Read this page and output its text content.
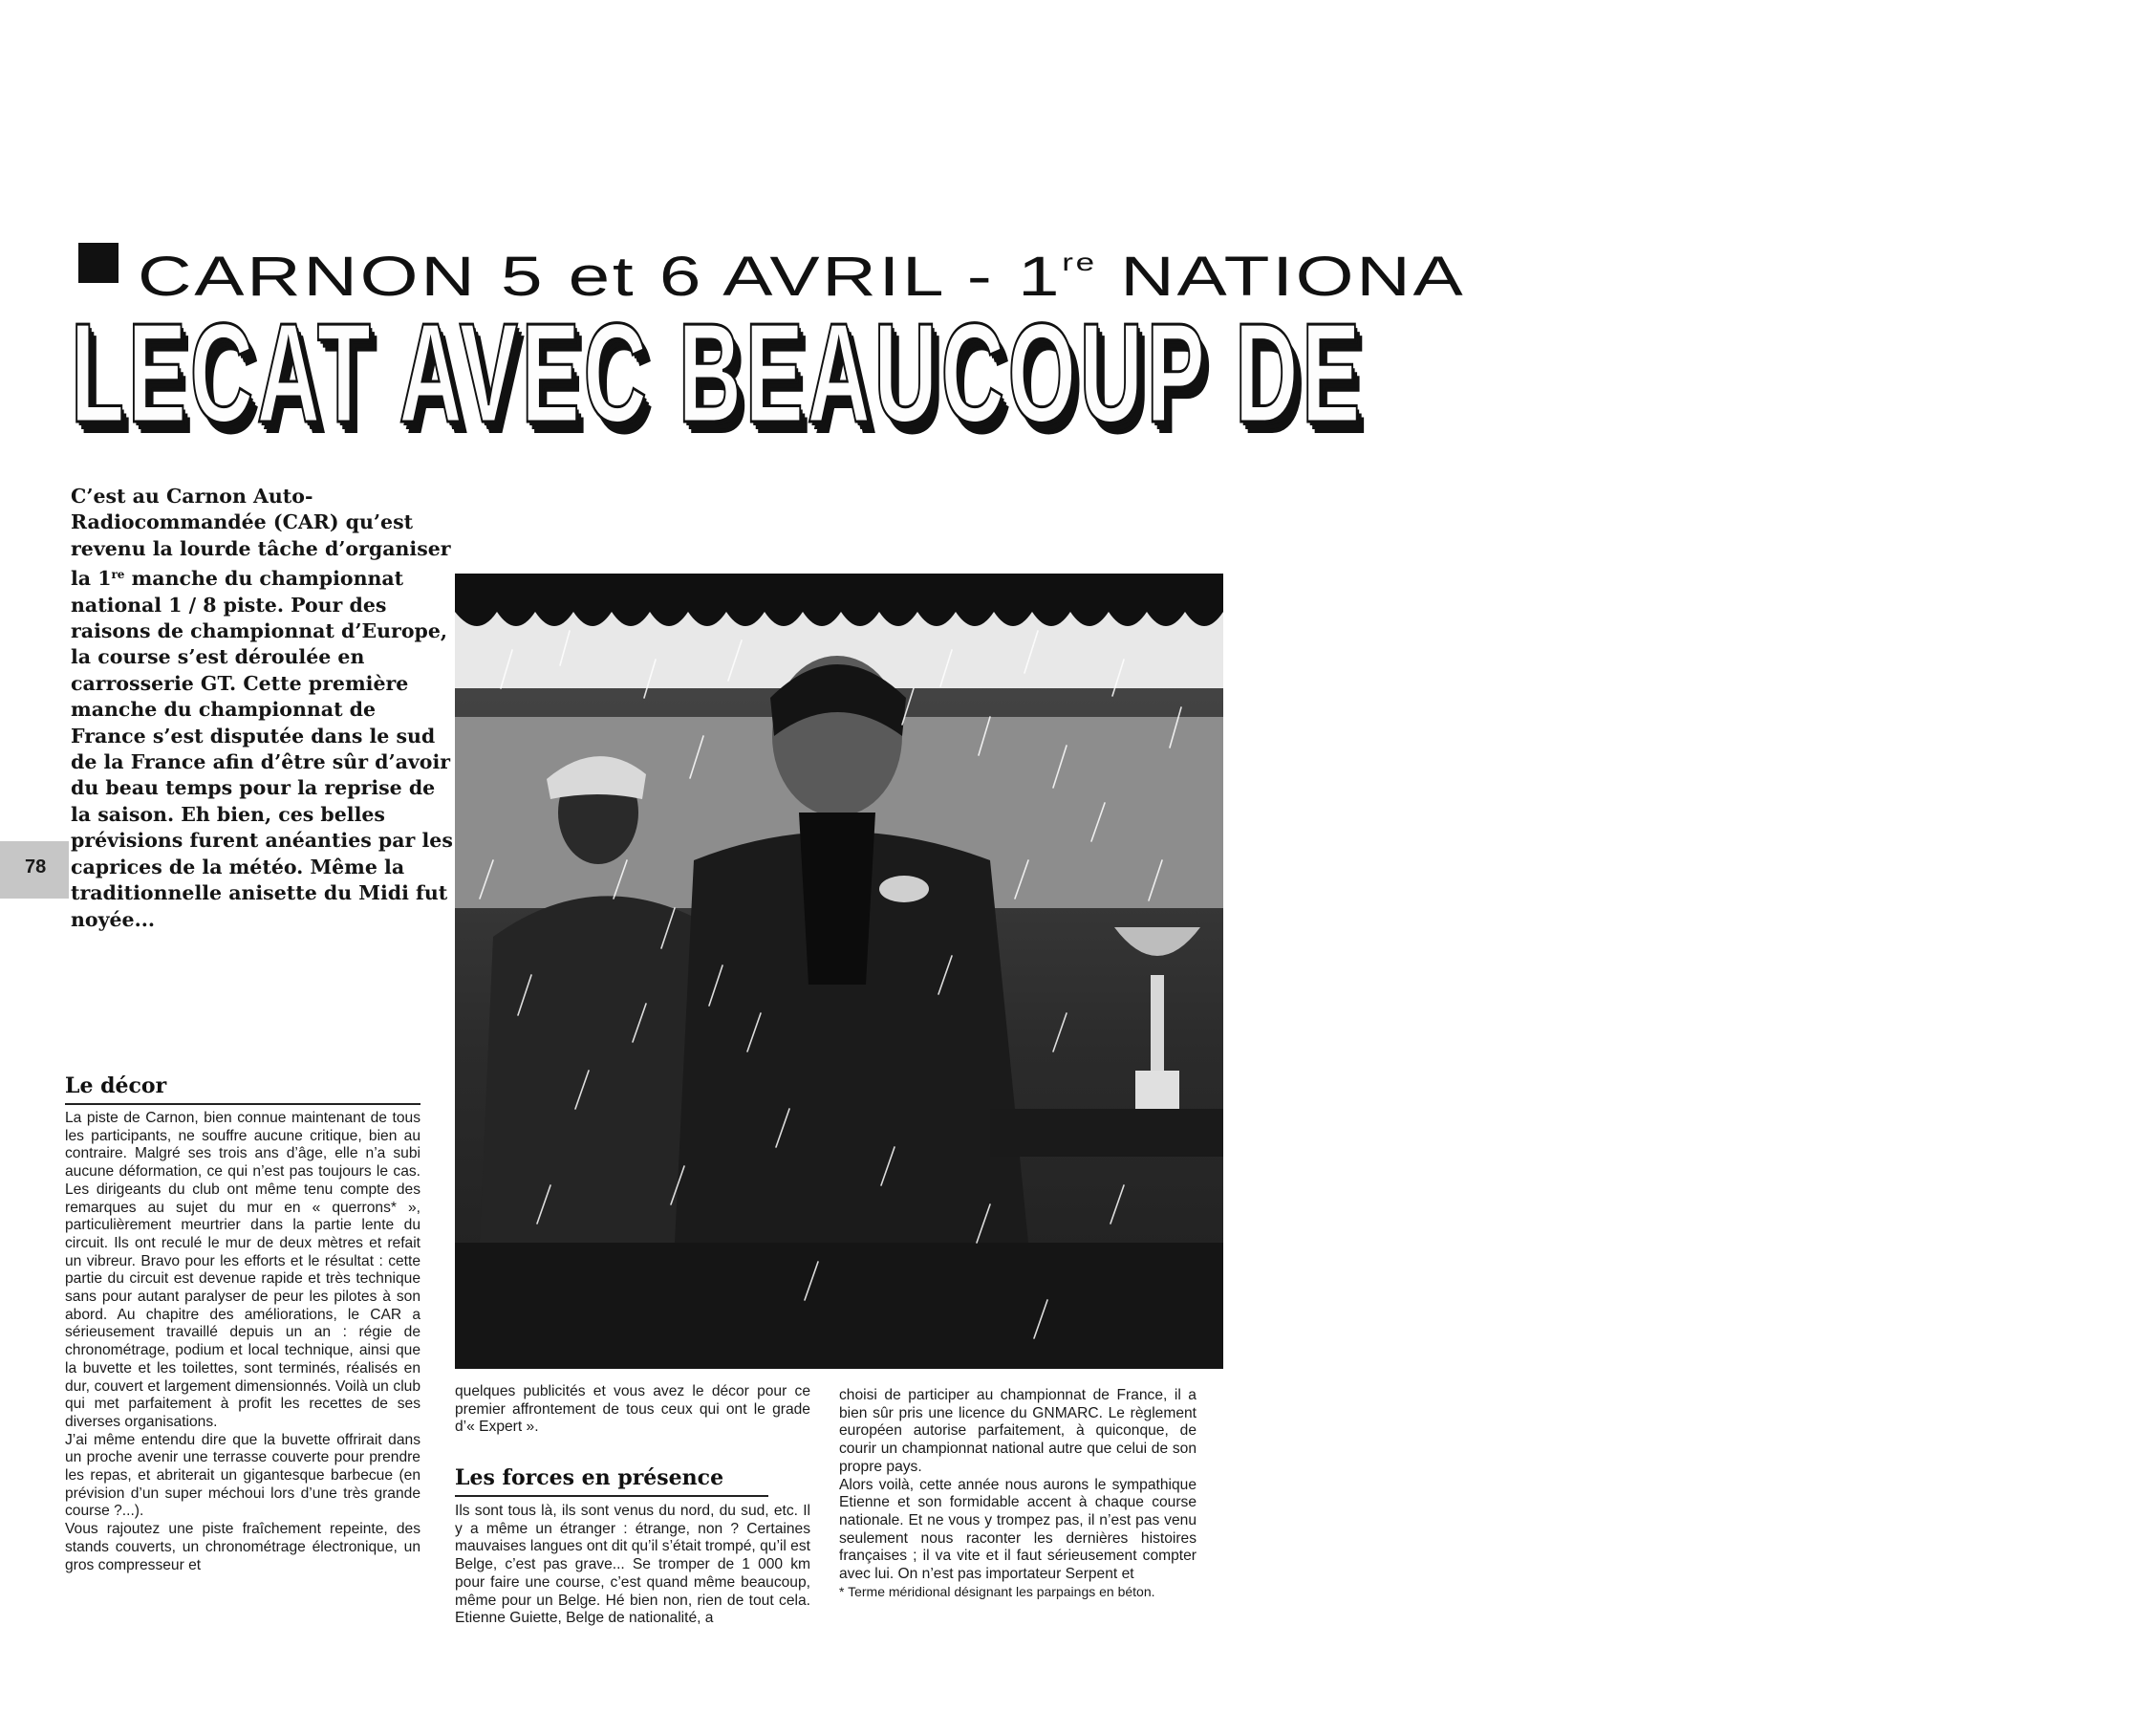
CARNON 5 et 6 AVRIL - 1re NATIONA
LECAT AVEC BEAUCOUP DE
C’est au Carnon Auto-Radiocommandée (CAR) qu’est revenu la lourde tâche d’organiser la 1re manche du championnat national 1 / 8 piste. Pour des raisons de championnat d’Europe, la course s’est déroulée en carrosserie GT. Cette première manche du championnat de France s’est disputée dans le sud de la France afin d’être sûr d’avoir du beau temps pour la reprise de la saison. Eh bien, ces belles prévisions furent anéanties par les caprices de la météo. Même la traditionnelle anisette du Midi fut noyée...
78
Le décor

La piste de Carnon, bien connue maintenant de tous les participants, ne souffre aucune critique, bien au contraire. Malgré ses trois ans d’âge, elle n’a subi aucune déformation, ce qui n’est pas toujours le cas. Les dirigeants du club ont même tenu compte des remarques au sujet du mur en « querrons* », particulièrement meurtrier dans la partie lente du circuit. Ils ont reculé le mur de deux mètres et refait un vibreur. Bravo pour les efforts et le résultat : cette partie du circuit est devenue rapide et très technique sans pour autant paralyser de peur les pilotes à son abord. Au chapitre des améliorations, le CAR a sérieusement travaillé depuis un an : régie de chronométrage, podium et local technique, ainsi que la buvette et les toilettes, sont terminés, réalisés en dur, couvert et largement dimensionnés. Voilà un club qui met parfaitement à profit les recettes de ses diverses organisations.

J’ai même entendu dire que la buvette offrirait dans un proche avenir une terrasse couverte pour prendre les repas, et abriterait un gigantesque barbecue (en prévision d’un super méchoui lors d’une très grande course ?...).

Vous rajoutez une piste fraîchement repeinte, des stands couverts, un chronométrage électronique, un gros compresseur et

quelques publicités et vous avez le décor pour ce premier affrontement de tous ceux qui ont le grade d’« Expert ».

Les forces en présence

Ils sont tous là, ils sont venus du nord, du sud, etc. Il y a même un étranger : étrange, non ? Certaines mauvaises langues ont dit qu’il s’était trompé, qu’il est Belge, c’est pas grave... Se tromper de 1 000 km pour faire une course, c’est quand même beaucoup, même pour un Belge. Hé bien non, rien de tout cela. Etienne Guiette, Belge de nationalité, a

choisi de participer au championnat de France, il a bien sûr pris une licence du GNMARC. Le règlement européen autorise parfaitement, à quiconque, de courir un championnat national autre que celui de son propre pays.

Alors voilà, cette année nous aurons le sympathique Etienne et son formidable accent à chaque course nationale. Et ne vous y trompez pas, il n’est pas venu seulement nous raconter les dernières histoires françaises ; il va vite et il faut sérieusement compter avec lui. On n’est pas importateur Serpent et

* Terme méridional désignant les parpaings en béton.
